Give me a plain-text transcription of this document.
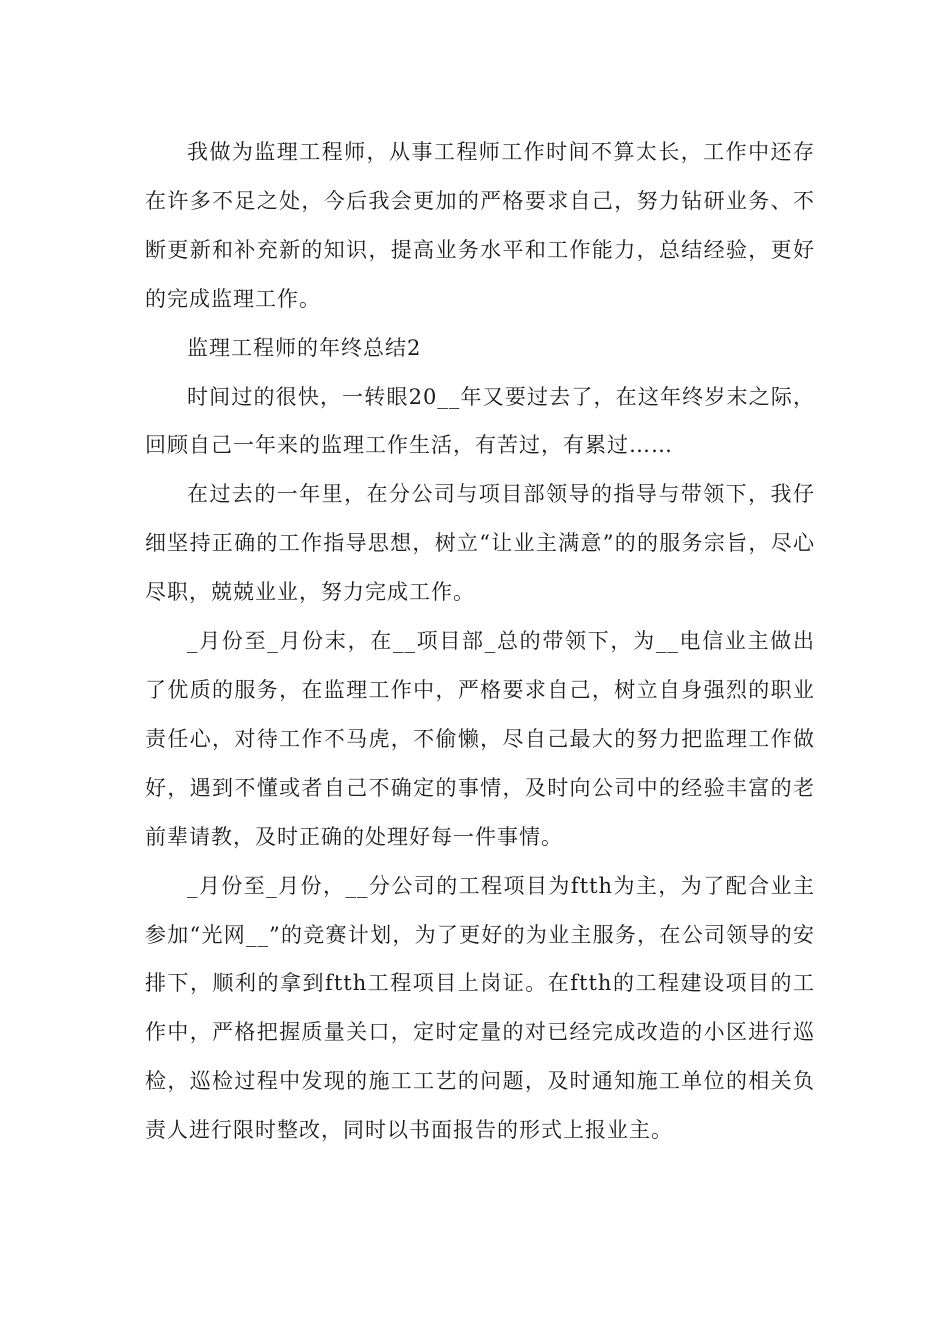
我做为监理工程师，从事工程师工作时间不算太长，工作中还存在许多不足之处，今后我会更加的严格要求自己，努力钻研业务、不断更新和补充新的知识，提高业务水平和工作能力，总结经验，更好的完成监理工作。

监理工程师的年终总结2

时间过的很快，一转眼20__年又要过去了，在这年终岁末之际，回顾自己一年来的监理工作生活，有苦过，有累过……

在过去的一年里，在分公司与项目部领导的指导与带领下，我仔细坚持正确的工作指导思想，树立“让业主满意”的的服务宗旨，尽心尽职，兢兢业业，努力完成工作。

_月份至_月份末，在__项目部_总的带领下，为__电信业主做出了优质的服务，在监理工作中，严格要求自己，树立自身强烈的职业责任心，对待工作不马虎，不偷懒，尽自己最大的努力把监理工作做好，遇到不懂或者自己不确定的事情，及时向公司中的经验丰富的老前辈请教，及时正确的处理好每一件事情。

_月份至_月份，__分公司的工程项目为ftth为主，为了配合业主参加“光网__”的竞赛计划，为了更好的为业主服务，在公司领导的安排下，顺利的拿到ftth工程项目上岗证。在ftth的工程建设项目的工作中，严格把握质量关口，定时定量的对已经完成改造的小区进行巡检，巡检过程中发现的施工工艺的问题，及时通知施工单位的相关负责人进行限时整改，同时以书面报告的形式上报业主。
